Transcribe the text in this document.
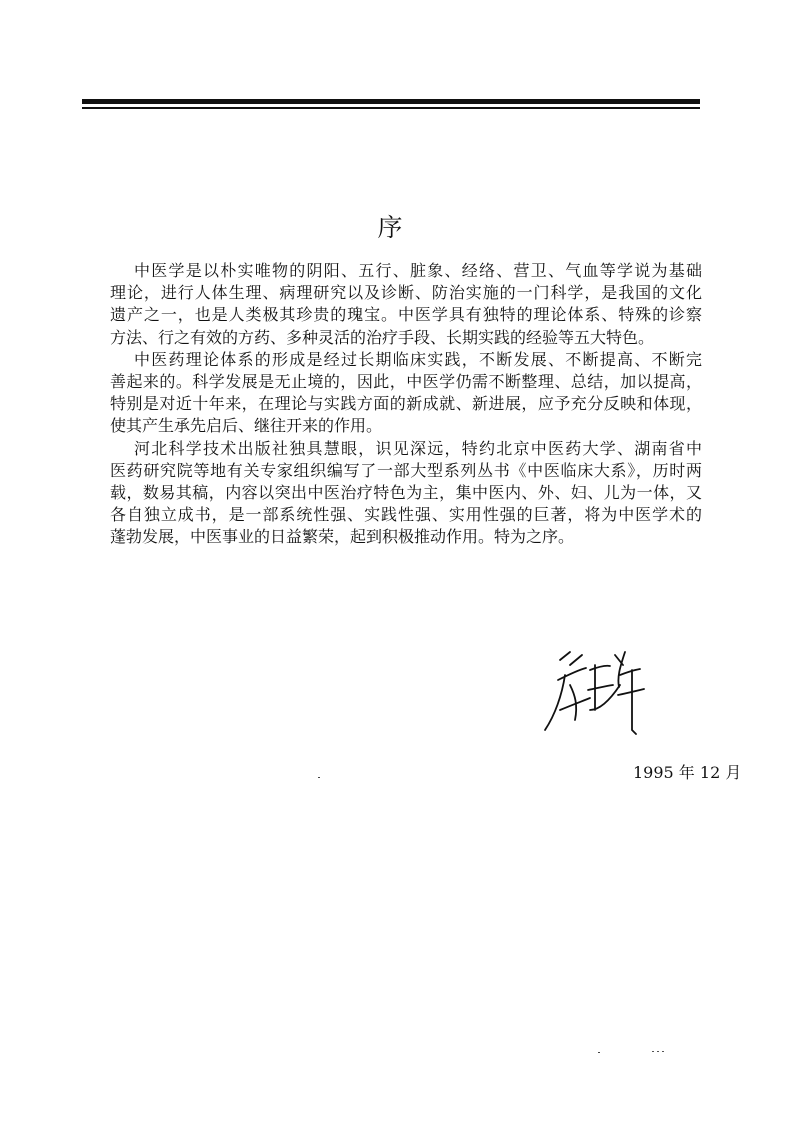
序
中医学是以朴实唯物的阴阳、五行、脏象、经络、营卫、气血等学说为基础
理论，进行人体生理、病理研究以及诊断、防治实施的一门科学，是我国的文化
遗产之一，也是人类极其珍贵的瑰宝。中医学具有独特的理论体系、特殊的诊察
方法、行之有效的方药、多种灵活的治疗手段、长期实践的经验等五大特色。
中医药理论体系的形成是经过长期临床实践，不断发展、不断提高、不断完
善起来的。科学发展是无止境的，因此，中医学仍需不断整理、总结，加以提高，
特别是对近十年来，在理论与实践方面的新成就、新进展，应予充分反映和体现，
使其产生承先启后、继往开来的作用。
河北科学技术出版社独具慧眼，识见深远，特约北京中医药大学、湖南省中
医药研究院等地有关专家组织编写了一部大型系列丛书《中医临床大系》，历时两
载，数易其稿，内容以突出中医治疗特色为主，集中医内、外、妇、儿为一体，又
各自独立成书，是一部系统性强、实践性强、实用性强的巨著，将为中医学术的
蓬勃发展，中医事业的日益繁荣，起到积极推动作用。特为之序。
1995 年 12 月
